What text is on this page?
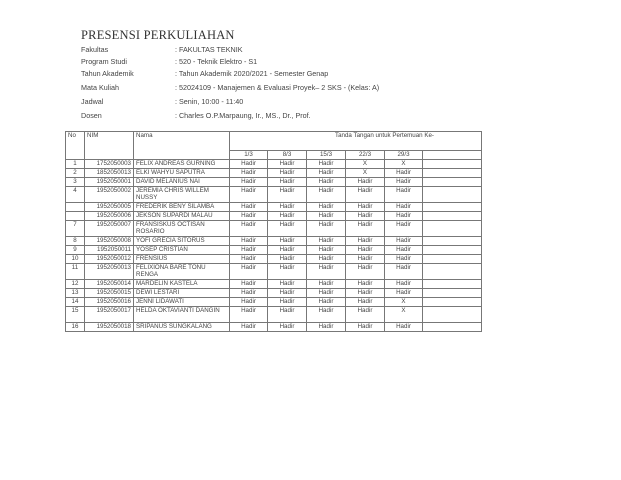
PRESENSI PERKULIAHAN
Fakultas	: FAKULTAS TEKNIK
Program Studi	: 520 - Teknik Elektro - S1
Tahun Akademik	: Tahun Akademik 2020/2021 - Semester Genap
Mata Kuliah	: 52024109 - Manajemen & Evaluasi Proyek– 2 SKS - (Kelas: A)
Jadwal	: Senin, 10:00 - 11:40
Dosen	: Charles O.P.Marpaung, Ir., MS., Dr., Prof.
No	NIM	Nama	Tanda Tangan untuk Pertemuan Ke-					
			1/3	8/3	15/3	22/3	29/3	
1	1752050003	FELIX ANDREAS GURNING	Hadir	Hadir	Hadir	X	X	
2	1852050013	ELKI WAHYU SAPUTRA	Hadir	Hadir	Hadir	X	Hadir	
3	1952050001	DAVID MELANIUS NAI	Hadir	Hadir	Hadir	Hadir	Hadir	
4	1952050002	JEREMIA CHRIS WILLEM NUSSY	Hadir	Hadir	Hadir	Hadir	Hadir	
	1952050005	FREDERIK BENY SILAMBA	Hadir	Hadir	Hadir	Hadir	Hadir	
	1952050006	JEKSON SUPARDI MALAU	Hadir	Hadir	Hadir	Hadir	Hadir	
7	1952050007	FRANSISKUS OCTISAN ROSARIO	Hadir	Hadir	Hadir	Hadir	Hadir	
8	1952050008	YOFI GRECIA SITORUS	Hadir	Hadir	Hadir	Hadir	Hadir	
9	1952050011	YOSEP CRISTIAN	Hadir	Hadir	Hadir	Hadir	Hadir	
10	1952050012	FRENSIUS	Hadir	Hadir	Hadir	Hadir	Hadir	
11	1952050013	FELIXIONA BARE TONU RENGA	Hadir	Hadir	Hadir	Hadir	Hadir	
12	1952050014	MARDELIN KASTELA	Hadir	Hadir	Hadir	Hadir	Hadir	
13	1952050015	DEWI LESTARI	Hadir	Hadir	Hadir	Hadir	Hadir	
14	1952050016	JENNI LIDAWATI	Hadir	Hadir	Hadir	Hadir	X	
15	1952050017	HELDA OKTAVIANTI DANGIN	Hadir	Hadir	Hadir	Hadir	X	
16	1952050018	SRIPANUS SUNGKALANG	Hadir	Hadir	Hadir	Hadir	Hadir	
